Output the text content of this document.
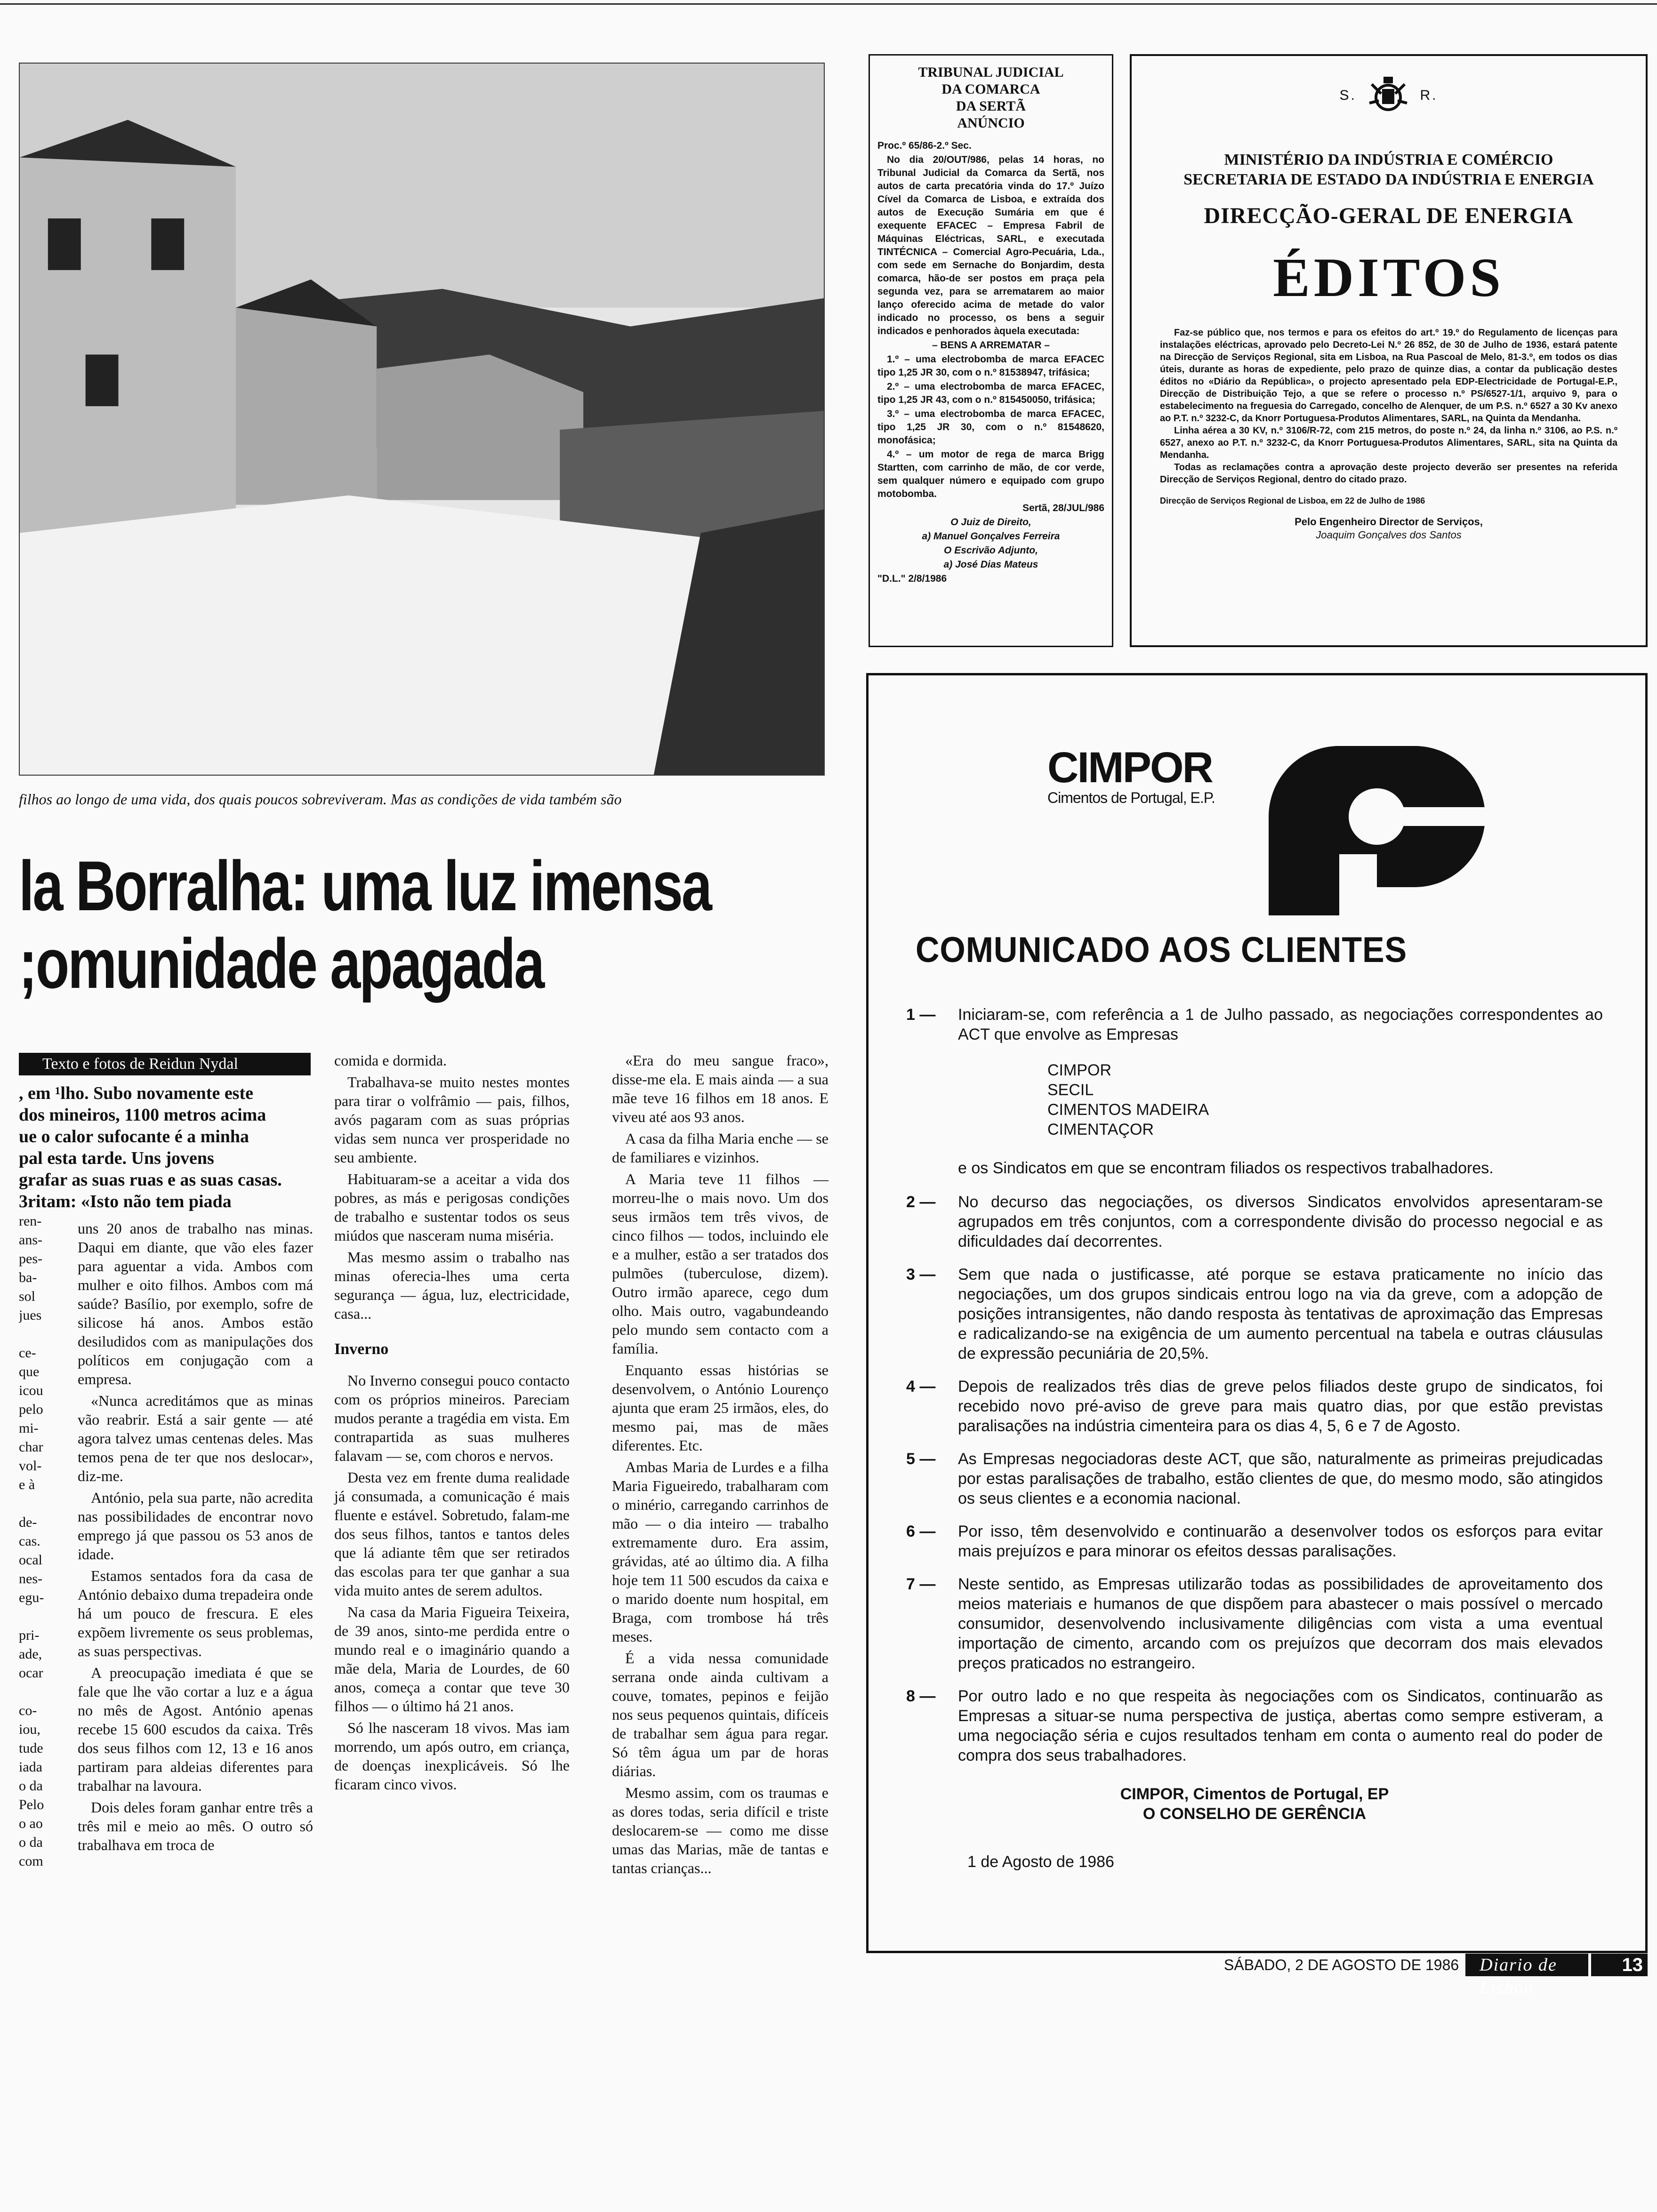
filhos ao longo de uma vida, dos quais poucos sobreviveram. Mas as condições de vida também são
la Borralha: uma luz imensa
;omunidade apagada
Texto e fotos de Reidun Nydal
, em ¹lho. Subo novamente este
dos mineiros, 1100 metros acima
ue o calor sufocante é a minha
pal esta tarde. Uns jovens
grafar as suas ruas e as suas casas.
3ritam: «Isto não tem piada
ren-
ans-
pes-
ba-
sol
jues

ce-
que
icou
pelo
mi-
char
vol-
e à

de-
cas.
ocal
nes-
egu-

pri-
ade,
ocar

co-
iou,
tude
iada
o da
Pelo
o ao
o da
com

uns 20 anos de trabalho nas minas. Daqui em diante, que vão eles fazer para aguentar a vida. Ambos com mulher e oito filhos. Ambos com má saúde? Basílio, por exemplo, sofre de silicose há anos. Ambos estão desiludidos com as manipulações dos políticos em conjugação com a empresa.

«Nunca acreditámos que as minas vão reabrir. Está a sair gente — até agora talvez umas centenas deles. Mas temos pena de ter que nos deslocar», diz-me.

António, pela sua parte, não acredita nas possibilidades de encontrar novo emprego já que passou os 53 anos de idade.

Estamos sentados fora da casa de António debaixo duma trepadeira onde há um pouco de frescura. E eles expõem livremente os seus problemas, as suas perspectivas.

A preocupação imediata é que se fale que lhe vão cortar a luz e a água no mês de Agost. António apenas recebe 15 600 escudos da caixa. Três dos seus filhos com 12, 13 e 16 anos partiram para aldeias diferentes para trabalhar na lavoura.

Dois deles foram ganhar entre três a três mil e meio ao mês. O outro só trabalhava em troca de

comida e dormida.

Trabalhava-se muito nestes montes para tirar o volfrâmio — pais, filhos, avós pagaram com as suas próprias vidas sem nunca ver prosperidade no seu ambiente.

Habituaram-se a aceitar a vida dos pobres, as más e perigosas condições de trabalho e sustentar todos os seus miúdos que nasceram numa miséria.

Mas mesmo assim o trabalho nas minas oferecia-lhes uma certa segurança — água, luz, electricidade, casa...

Inverno

No Inverno consegui pouco contacto com os próprios mineiros. Pareciam mudos perante a tragédia em vista. Em contrapartida as suas mulheres falavam — se, com choros e nervos.

Desta vez em frente duma realidade já consumada, a comunicação é mais fluente e estável. Sobretudo, falam-me dos seus filhos, tantos e tantos deles que lá adiante têm que ser retirados das escolas para ter que ganhar a sua vida muito antes de serem adultos.

Na casa da Maria Figueira Teixeira, de 39 anos, sinto-me perdida entre o mundo real e o imaginário quando a mãe dela, Maria de Lourdes, de 60 anos, começa a contar que teve 30 filhos — o último há 21 anos.

Só lhe nasceram 18 vivos. Mas iam morrendo, um após outro, em criança, de doenças inexplicáveis. Só lhe ficaram cinco vivos.

«Era do meu sangue fraco», disse-me ela. E mais ainda — a sua mãe teve 16 filhos em 18 anos. E viveu até aos 93 anos.

A casa da filha Maria enche — se de familiares e vizinhos.

A Maria teve 11 filhos — morreu-lhe o mais novo. Um dos seus irmãos tem três vivos, de cinco filhos — todos, incluindo ele e a mulher, estão a ser tratados dos pulmões (tuberculose, dizem). Outro irmão aparece, cego dum olho. Mais outro, vagabundeando pelo mundo sem contacto com a família.

Enquanto essas histórias se desenvolvem, o António Lourenço ajunta que eram 25 irmãos, eles, do mesmo pai, mas de mães diferentes. Etc.

Ambas Maria de Lurdes e a filha Maria Figueiredo, trabalharam com o minério, carregando carrinhos de mão — o dia inteiro — trabalho extremamente duro. Era assim, grávidas, até ao último dia. A filha hoje tem 11 500 escudos da caixa e o marido doente num hospital, em Braga, com trombose há três meses.

É a vida nessa comunidade serrana onde ainda cultivam a couve, tomates, pepinos e feijão nos seus pequenos quintais, difíceis de trabalhar sem água para regar. Só têm água um par de horas diárias.

Mesmo assim, com os traumas e as dores todas, seria difícil e triste deslocarem-se — como me disse umas das Marias, mãe de tantas e tantas crianças...

TRIBUNAL JUDICIAL
DA COMARCA
DA SERTÃ
ANÚNCIO

Proc.º 65/86-2.º Sec.

No dia 20/OUT/986, pelas 14 horas, no Tribunal Judicial da Comarca da Sertã, nos autos de carta precatória vinda do 17.º Juízo Cível da Comarca de Lisboa, e extraída dos autos de Execução Sumária em que é exequente EFACEC – Empresa Fabril de Máquinas Eléctricas, SARL, e executada TINTÉCNICA – Comercial Agro-Pecuária, Lda., com sede em Sernache do Bonjardim, desta comarca, hão-de ser postos em praça pela segunda vez, para se arrematarem ao maior lanço oferecido acima de metade do valor indicado no processo, os bens a seguir indicados e penhorados àquela executada:

– BENS A ARREMATAR –

1.º – uma electrobomba de marca EFACEC tipo 1,25 JR 30, com o n.º 81538947, trifásica;

2.º – uma electrobomba de marca EFACEC, tipo 1,25 JR 43, com o n.º 815450050, trifásica;

3.º – uma electrobomba de marca EFACEC, tipo 1,25 JR 30, com o n.º 81548620, monofásica;

4.º – um motor de rega de marca Brigg Startten, com carrinho de mão, de cor verde, sem qualquer número e equipado com grupo motobomba.

Sertã, 28/JUL/986

O Juiz de Direito,

a) Manuel Gonçalves Ferreira

O Escrivão Adjunto,

a) José Dias Mateus

"D.L." 2/8/1986

S.	R.
MINISTÉRIO DA INDÚSTRIA E COMÉRCIO
SECRETARIA DE ESTADO DA INDÚSTRIA E ENERGIA
DIRECÇÃO-GERAL DE ENERGIA
ÉDITOS
Faz-se público que, nos termos e para os efeitos do art.º 19.º do Regulamento de licenças para instalações eléctricas, aprovado pelo Decreto-Lei N.º 26 852, de 30 de Julho de 1936, estará patente na Direcção de Serviços Regional, sita em Lisboa, na Rua Pascoal de Melo, 81-3.º, em todos os dias úteis, durante as horas de expediente, pelo prazo de quinze dias, a contar da publicação destes éditos no «Diário da República», o projecto apresentado pela EDP-Electricidade de Portugal-E.P., Direcção de Distribuição Tejo, a que se refere o processo n.º PS/6527-1/1, arquivo 9, para o estabelecimento na freguesia do Carregado, concelho de Alenquer, de um P.S. n.º 6527 a 30 Kv anexo ao P.T. n.º 3232-C, da Knorr Portuguesa-Produtos Alimentares, SARL, na Quinta da Mendanha.
Linha aérea a 30 KV, n.º 3106/R-72, com 215 metros, do poste n.º 24, da linha n.º 3106, ao P.S. n.º 6527, anexo ao P.T. n.º 3232-C, da Knorr Portuguesa-Produtos Alimentares, SARL, sita na Quinta da Mendanha.
Todas as reclamações contra a aprovação deste projecto deverão ser presentes na referida Direcção de Serviços Regional, dentro do citado prazo.
Direcção de Serviços Regional de Lisboa, em 22 de Julho de 1986
Pelo Engenheiro Director de Serviços,
Joaquim Gonçalves dos Santos
CIMPOR
Cimentos de Portugal, E.P.
COMUNICADO AOS CLIENTES
1 —	Iniciaram-se, com referência a 1 de Julho passado, as negociações correspondentes ao ACT que envolve as Empresas
CIMPOR
SECIL
CIMENTOS MADEIRA
CIMENTAÇOR
e os Sindicatos em que se encontram filiados os respectivos trabalhadores.
2 —	No decurso das negociações, os diversos Sindicatos envolvidos apresentaram-se agrupados em três conjuntos, com a correspondente divisão do processo negocial e as dificuldades daí decorrentes.
3 —	Sem que nada o justificasse, até porque se estava praticamente no início das negociações, um dos grupos sindicais entrou logo na via da greve, com a adopção de posições intransigentes, não dando resposta às tentativas de aproximação das Empresas e radicalizando-se na exigência de um aumento percentual na tabela e outras cláusulas de expressão pecuniária de 20,5%.
4 —	Depois de realizados três dias de greve pelos filiados deste grupo de sindicatos, foi recebido novo pré-aviso de greve para mais quatro dias, por que estão previstas paralisações na indústria cimenteira para os dias 4, 5, 6 e 7 de Agosto.
5 —	As Empresas negociadoras deste ACT, que são, naturalmente as primeiras prejudicadas por estas paralisações de trabalho, estão clientes de que, do mesmo modo, são atingidos os seus clientes e a economia nacional.
6 —	Por isso, têm desenvolvido e continuarão a desenvolver todos os esforços para evitar mais prejuízos e para minorar os efeitos dessas paralisações.
7 —	Neste sentido, as Empresas utilizarão todas as possibilidades de aproveitamento dos meios materiais e humanos de que dispõem para abastecer o mais possível o mercado consumidor, desenvolvendo inclusivamente diligências com vista a uma eventual importação de cimento, arcando com os prejuízos que decorram dos mais elevados preços praticados no estrangeiro.
8 —	Por outro lado e no que respeita às negociações com os Sindicatos, continuarão as Empresas a situar-se numa perspectiva de justiça, abertas como sempre estiveram, a uma negociação séria e cujos resultados tenham em conta o aumento real do poder de compra dos seus trabalhadores.
CIMPOR, Cimentos de Portugal, EP
O CONSELHO DE GERÊNCIA
1 de Agosto de 1986
SÁBADO, 2 DE AGOSTO DE 1986	Diario de Lisboa
13
